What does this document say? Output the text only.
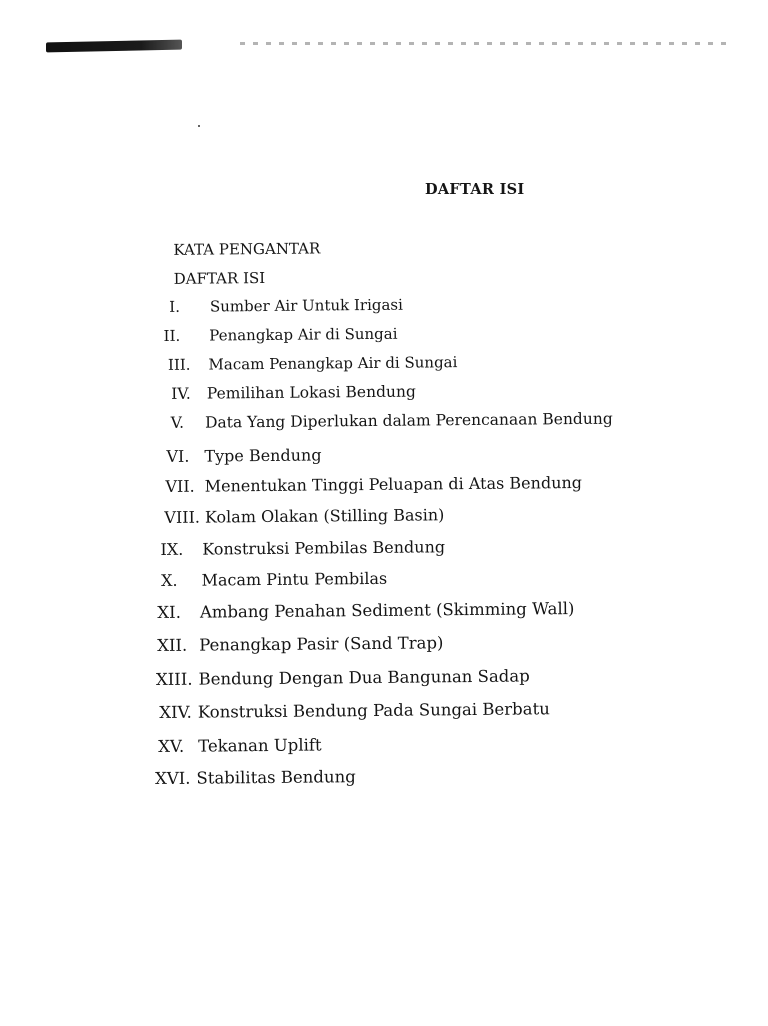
DAFTAR ISI
KATA PENGANTAR
DAFTAR ISI
I. Sumber Air Untuk Irigasi
II. Penangkap Air di Sungai
III. Macam Penangkap Air di Sungai
IV. Pemilihan Lokasi Bendung
V. Data Yang Diperlukan dalam Perencanaan Bendung
VI. Type Bendung
VII. Menentukan Tinggi Peluapan di Atas Bendung
VIII. Kolam Olakan (Stilling Basin)
IX. Konstruksi Pembilas Bendung
X. Macam Pintu Pembilas
XI. Ambang Penahan Sediment (Skimming Wall)
XII. Penangkap Pasir (Sand Trap)
XIII. Bendung Dengan Dua Bangunan Sadap
XIV. Konstruksi Bendung Pada Sungai Berbatu
XV. Tekanan Uplift
XVI. Stabilitas Bendung
